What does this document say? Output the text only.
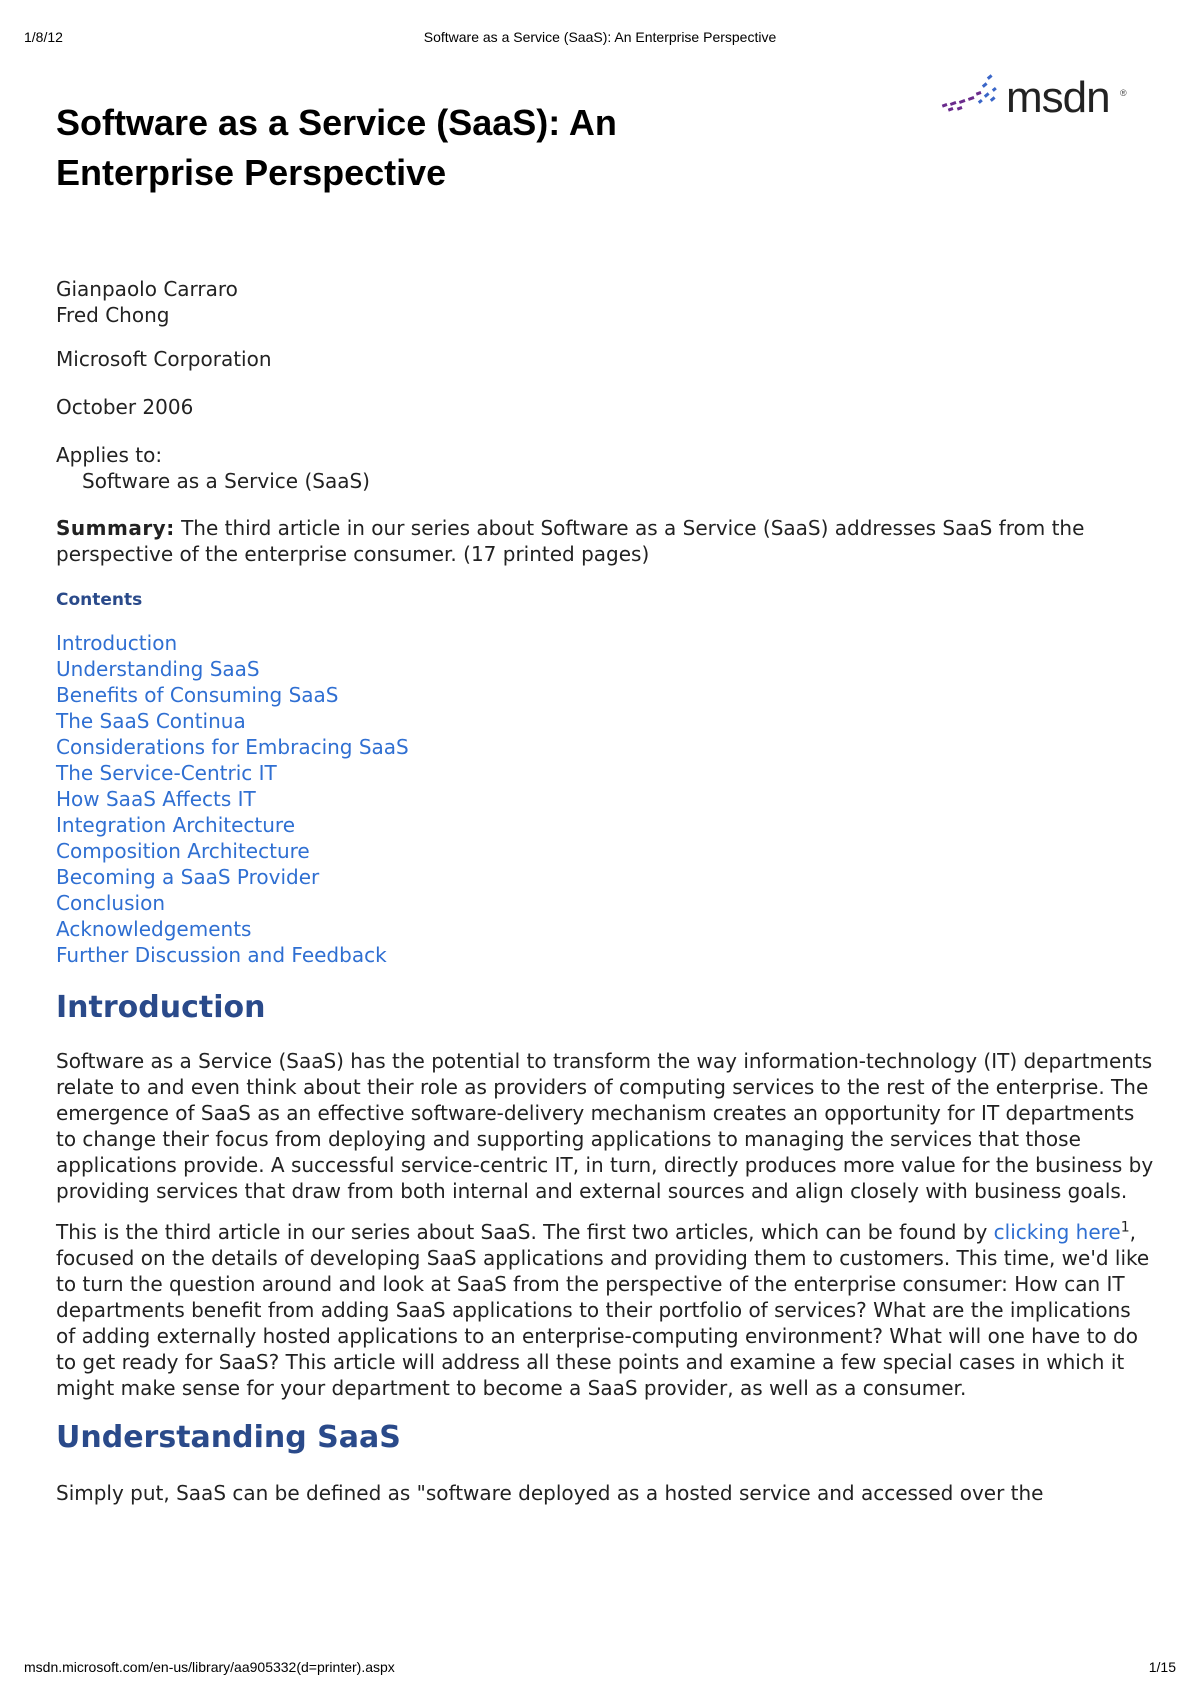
1/8/12	Software as a Service (SaaS): An Enterprise Perspective
msdn ®
Software as a Service (SaaS): An Enterprise Perspective

Gianpaolo Carraro
Fred Chong

Microsoft Corporation

October 2006

Applies to:
Software as a Service (SaaS)

Summary: The third article in our series about Software as a Service (SaaS) addresses SaaS from the perspective of the enterprise consumer. (17 printed pages)

Contents
Introduction
Understanding SaaS
Benefits of Consuming SaaS
The SaaS Continua
Considerations for Embracing SaaS
The Service-Centric IT
How SaaS Affects IT
Integration Architecture
Composition Architecture
Becoming a SaaS Provider
Conclusion
Acknowledgements
Further Discussion and Feedback
Introduction

Software as a Service (SaaS) has the potential to transform the way information-technology (IT) departments relate to and even think about their role as providers of computing services to the rest of the enterprise. The emergence of SaaS as an effective software-delivery mechanism creates an opportunity for IT departments to change their focus from deploying and supporting applications to managing the services that those applications provide. A successful service-centric IT, in turn, directly produces more value for the business by providing services that draw from both internal and external sources and align closely with business goals.

This is the third article in our series about SaaS. The first two articles, which can be found by clicking here$^1$, focused on the details of developing SaaS applications and providing them to customers. This time, we'd like to turn the question around and look at SaaS from the perspective of the enterprise consumer: How can IT departments benefit from adding SaaS applications to their portfolio of services? What are the implications of adding externally hosted applications to an enterprise-computing environment? What will one have to do to get ready for SaaS? This article will address all these points and examine a few special cases in which it might make sense for your department to become a SaaS provider, as well as a consumer.

Understanding SaaS

Simply put, SaaS can be defined as "software deployed as a hosted service and accessed over the

msdn.microsoft.com/en-us/library/aa905332(d=printer).aspx	1/15
